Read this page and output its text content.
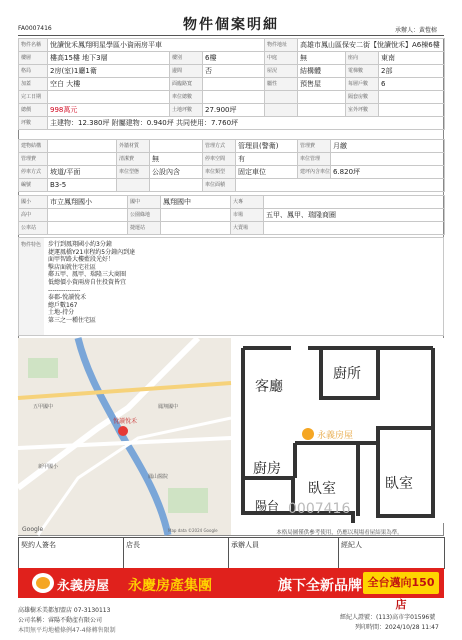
FA0007416	物件個案明細	承辦人：黃愷榕
物件名稱	悅讀悅禾鳳翔明星學區小資兩房平車			物件地址	高雄市鳳山區保安二街【悅讀悅禾】A6棟6樓		
樓層	樓高15樓 地下3層	樓別	6樓	中庭	無	座向	東南
格局	2房(室)1廳1衛	邊間	否	屋況	結構體	電梯數	2部
加蓋	空白 大樓	面臨路寬		屬性	預售屋	每層戶數	6
完工日期		車位總數				隔套房數	
總價	998萬元	土地坪數	27.900坪			室外坪數	
坪數	主建物：12.380坪 附屬建物：0.940坪 共同使用：7.760坪						
建物結構		外牆材質		管理方式	管理員(警衛)	管理費	月繳
管理費		清潔費	無	停車空間	有	車位管理	
停車方式	坡道/平面	車位型態	公設內含	車位類型	固定車位	建坪內含車位	6.820坪
編號	B3-5			車位面積			
國小	市立鳳翔國小	國中	鳳翔國中	大專	
高中		公園綠地		市場	五甲、鳳甲、瑞隆商圈
公車站		捷運站		大賣場	
物件特色	步行到鳳翔國小約3分鐘
捷運鳳橋Y21車程約5分鐘內到達
面甲智路大樓藍段光好！
擊店面就住宅社區
鄰五甲、鳳甲、瑞隆三大商圈
低總價小資兩房自住投資皆宜
---------------
泰郡-悅讀悅禾
總戶數167
土地-持分
第三之一種住宅區
悅讀悅禾
五甲國中	鳳翔國中
新甲國小
鳳山醫院
Google	Map data ©2024 Google
客廳
廚所
廚房
臥室	臥室
陽台
永義房屋
0007416
本格局圖僅供參考使用，仍應以現場看屋結果為準。
契約人簽名	店長	承辦人員	經紀人
永義房屋 永慶房產集團	旗下全新品牌 全台邁向150店
高雄樹禾美都加盟店 07-3130113
公司名稱：睿陽不動產有限公司
本間無平均地權條例47-4條轉售限制
經紀人證號：(113)高市字01596號
列印時間：2024/10/28 11:47
